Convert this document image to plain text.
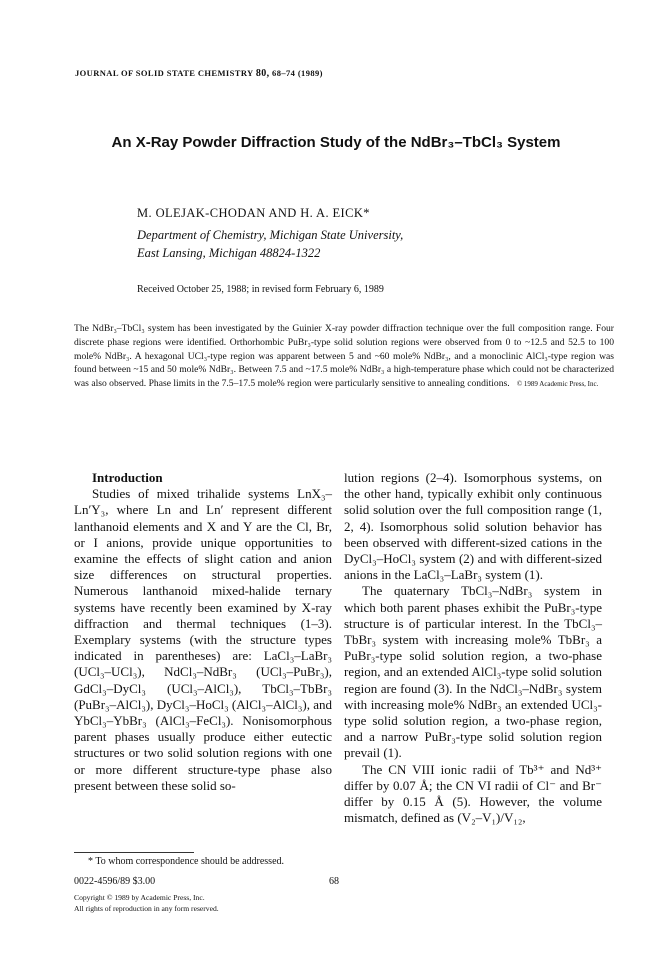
JOURNAL OF SOLID STATE CHEMISTRY 80, 68–74 (1989)
An X-Ray Powder Diffraction Study of the NdBr₃–TbCl₃ System
M. OLEJAK-CHODAN AND H. A. EICK*
Department of Chemistry, Michigan State University,
East Lansing, Michigan 48824-1322
Received October 25, 1988; in revised form February 6, 1989
The NdBr₃–TbCl₃ system has been investigated by the Guinier X-ray powder diffraction technique over the full composition range. Four discrete phase regions were identified. Orthorhombic PuBr₃-type solid solution regions were observed from 0 to ~12.5 and 52.5 to 100 mole% NdBr₃. A hexagonal UCl₃-type region was apparent between 5 and ~60 mole% NdBr₃, and a monoclinic AlCl₃-type region was found between ~15 and 50 mole% NdBr₃. Between 7.5 and ~17.5 mole% NdBr₃ a high-temperature phase which could not be characterized was also observed. Phase limits in the 7.5–17.5 mole% region were particularly sensitive to annealing conditions. © 1989 Academic Press, Inc.

Introduction

Studies of mixed trihalide systems LnX₃–Ln′Y₃, where Ln and Ln′ represent different lanthanoid elements and X and Y are the Cl, Br, or I anions, provide unique opportunities to examine the effects of slight cation and anion size differences on structural properties. Numerous lanthanoid mixed-halide ternary systems have recently been examined by X-ray diffraction and thermal techniques (1–3). Exemplary systems (with the structure types indicated in parentheses) are: LaCl₃–LaBr₃ (UCl₃–UCl₃), NdCl₃–NdBr₃ (UCl₃–PuBr₃), GdCl₃–DyCl₃ (UCl₃–AlCl₃), TbCl₃–TbBr₃ (PuBr₃–AlCl₃), DyCl₃–HoCl₃ (AlCl₃–AlCl₃), and YbCl₃–YbBr₃ (AlCl₃–FeCl₃). Nonisomorphous parent phases usually produce either eutectic structures or two solid solution regions with one or more different structure-type phase also present between these solid so-

lution regions (2–4). Isomorphous systems, on the other hand, typically exhibit only continuous solid solution over the full composition range (1, 2, 4). Isomorphous solid solution behavior has been observed with different-sized cations in the DyCl₃–HoCl₃ system (2) and with different-sized anions in the LaCl₃–LaBr₃ system (1).

The quaternary TbCl₃–NdBr₃ system in which both parent phases exhibit the PuBr₃-type structure is of particular interest. In the TbCl₃–TbBr₃ system with increasing mole% TbBr₃ a PuBr₃-type solid solution region, a two-phase region, and an extended AlCl₃-type solid solution region are found (3). In the NdCl₃–NdBr₃ system with increasing mole% NdBr₃ an extended UCl₃-type solid solution region, a two-phase region, and a narrow PuBr₃-type solid solution region prevail (1).

The CN VIII ionic radii of Tb³⁺ and Nd³⁺ differ by 0.07 Å; the CN VI radii of Cl⁻ and Br⁻ differ by 0.15 Å (5). However, the volume mismatch, defined as (V₂–V₁)/V₁₂,

* To whom correspondence should be addressed.
0022-4596/89 $3.00	68
Copyright © 1989 by Academic Press, Inc.
All rights of reproduction in any form reserved.
